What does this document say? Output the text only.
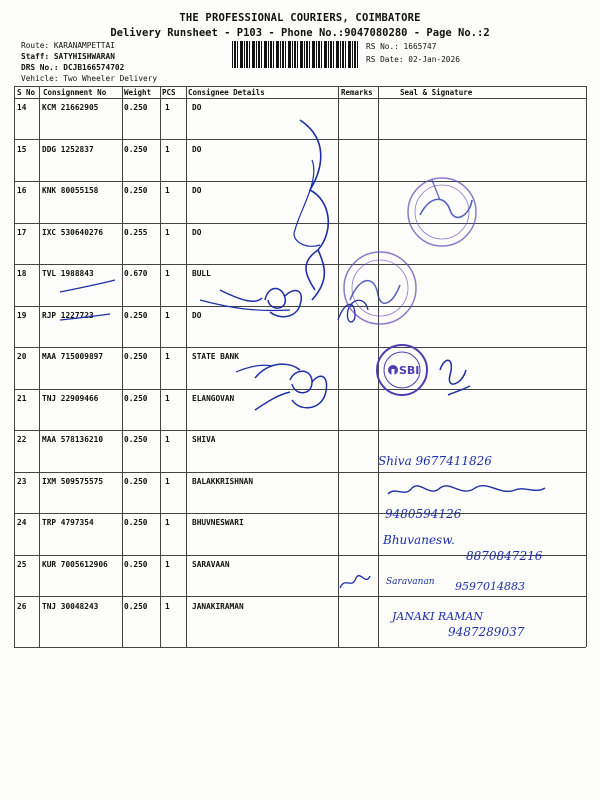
THE PROFESSIONAL COURIERS, COIMBATORE
Delivery Runsheet - P103 - Phone No.:9047080280 - Page No.:2
Route: KARANAMPETTAI
Staff: SATYHISHWARAN
DRS No.: DCJB166574702
Vehicle: Two Wheeler Delivery
RS No.: 1665747
RS Date: 02-Jan-2026
S No Consignment No Weight PCS Consignee Details	Remarks	Seal & Signature
14 KCM 21662905	0.250 1	DO
15 DDG 1252837	0.250 1	DO
16 KNK 80055158	0.250 1	DO
17 IXC 530640276	0.255 1	DO
18 TVL 1988843	0.670 1	BULL
19 RJP 1227723	0.250 1	DO
20 MAA 715009897	0.250 1	STATE BANK
21 TNJ 22909466	0.250 1	ELANGOVAN
22 MAA 578136210	0.250 1	SHIVA
23 IXM 509575575	0.250 1	BALAKKRISHNAN
24 TRP 4797354	0.250 1	BHUVNESWARI
25 KUR 7005612906 0.250 1	SARAVAAN
26 TNJ 30048243	0.250 1	JANAKIRAMAN
SBI
Shiva 9677411826
9480594126
Bhuvanesw.
8870847216
Saravanan 9597014883
JANAKI RAMAN
9487289037
